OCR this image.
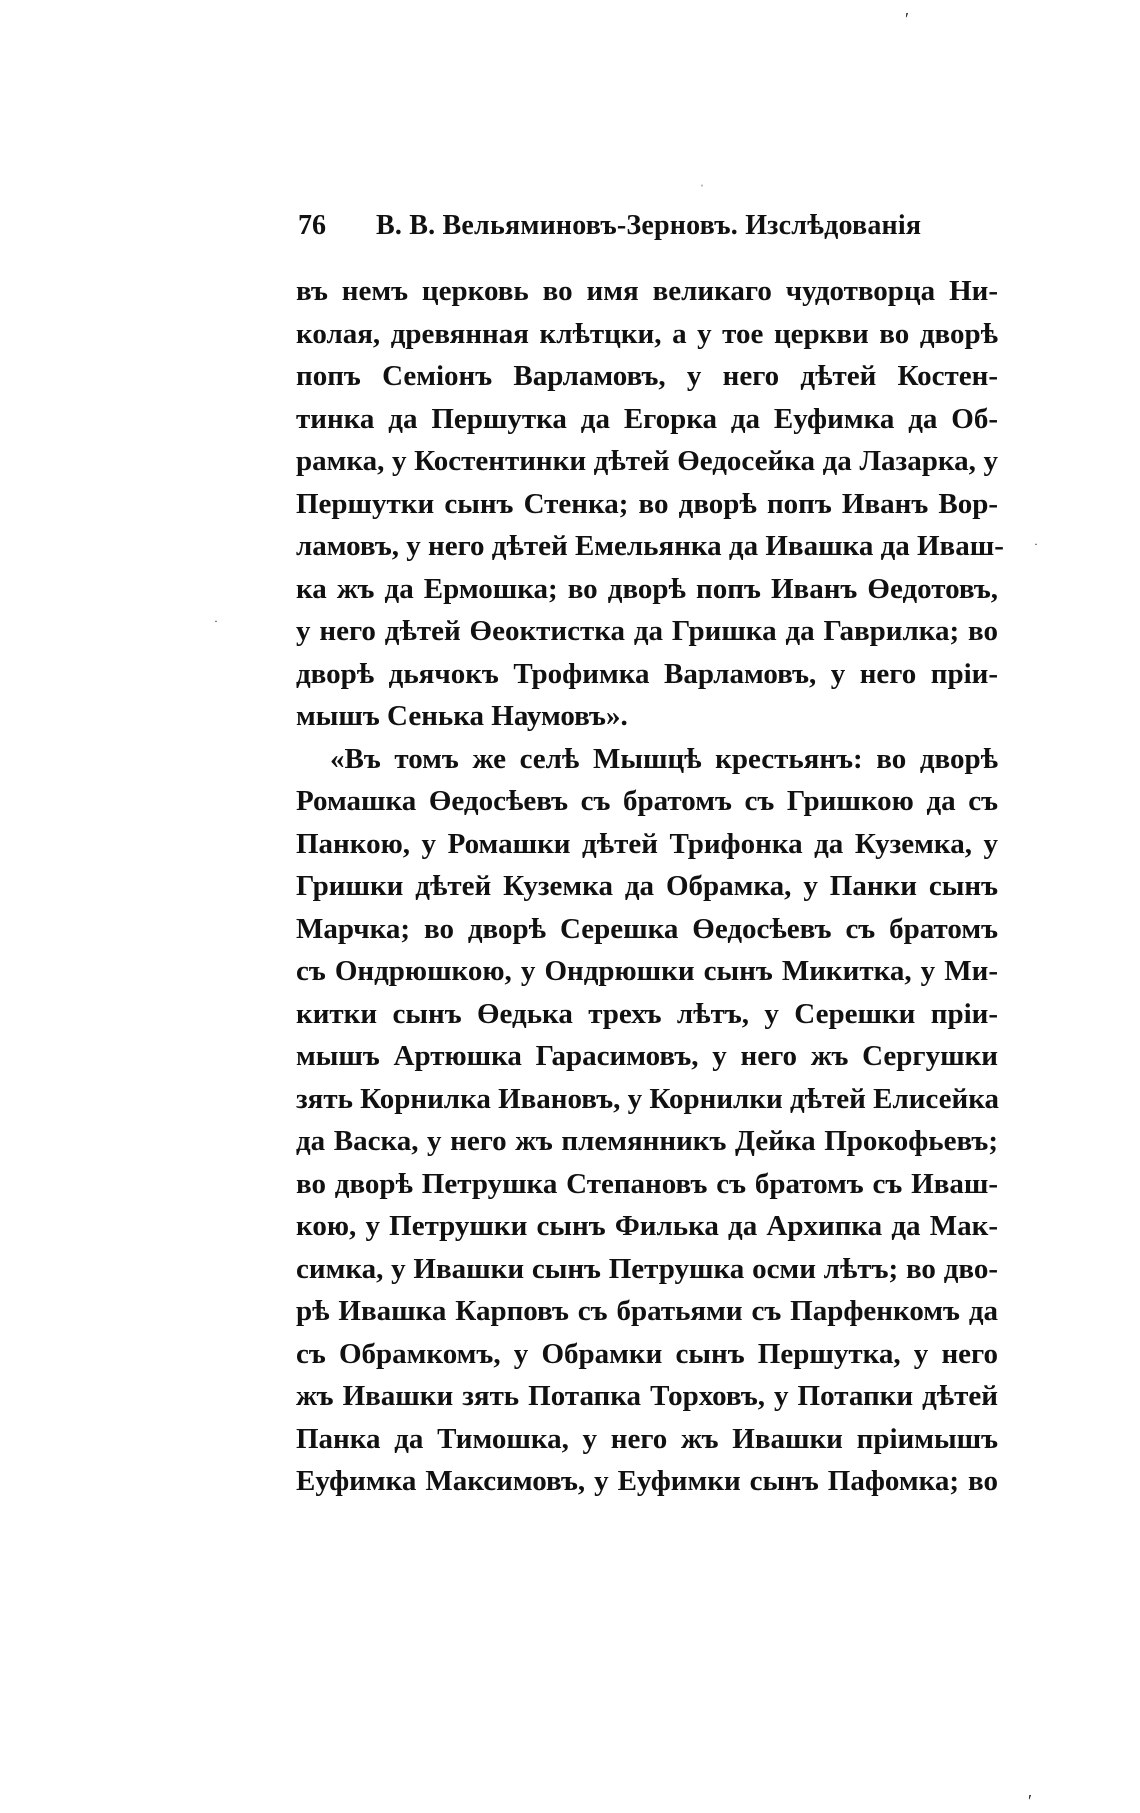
′
ˈ
·
·
′
76 В. В. Вельяминовъ-Зерновъ. Изслѣдованія
въ немъ церковь во имя великаго чудотворца Ни-
колая, древянная клѣтцки, а у тое церкви во дворѣ
попъ Семіонъ Варламовъ, у него дѣтей Костен-
тинка да Першутка да Егорка да Еуфимка да Об-
рамка, у Костентинки дѣтей Өедосейка да Лазарка, у
Першутки сынъ Стенка; во дворѣ попъ Иванъ Вор-
ламовъ, у него дѣтей Емельянка да Ивашка да Иваш-
ка жъ да Ермошка; во дворѣ попъ Иванъ Өедотовъ,
у него дѣтей Өеоктистка да Гришка да Гаврилка; во
дворѣ дьячокъ Трофимка Варламовъ, у него пріи-
мышъ Сенька Наумовъ».
«Въ томъ же селѣ Мышцѣ крестьянъ: во дворѣ
Ромашка Өедосѣевъ съ братомъ съ Гришкою да съ
Панкою, у Ромашки дѣтей Трифонка да Куземка, у
Гришки дѣтей Куземка да Обрамка, у Панки сынъ
Марчка; во дворѣ Серешка Өедосѣевъ съ братомъ
съ Ондрюшкою, у Ондрюшки сынъ Микитка, у Ми-
китки сынъ Өедька трехъ лѣтъ, у Серешки пріи-
мышъ Артюшка Гарасимовъ, у него жъ Сергушки
зять Корнилка Ивановъ, у Корнилки дѣтей Елисейка
да Васка, у него жъ племянникъ Дейка Прокофьевъ;
во дворѣ Петрушка Степановъ съ братомъ съ Иваш-
кою, у Петрушки сынъ Филька да Архипка да Мак-
симка, у Ивашки сынъ Петрушка осми лѣтъ; во дво-
рѣ Ивашка Карповъ съ братьями съ Парфенкомъ да
съ Обрамкомъ, у Обрамки сынъ Першутка, у него
жъ Ивашки зять Потапка Торховъ, у Потапки дѣтей
Панка да Тимошка, у него жъ Ивашки пріимышъ
Еуфимка Максимовъ, у Еуфимки сынъ Пафомка; во
